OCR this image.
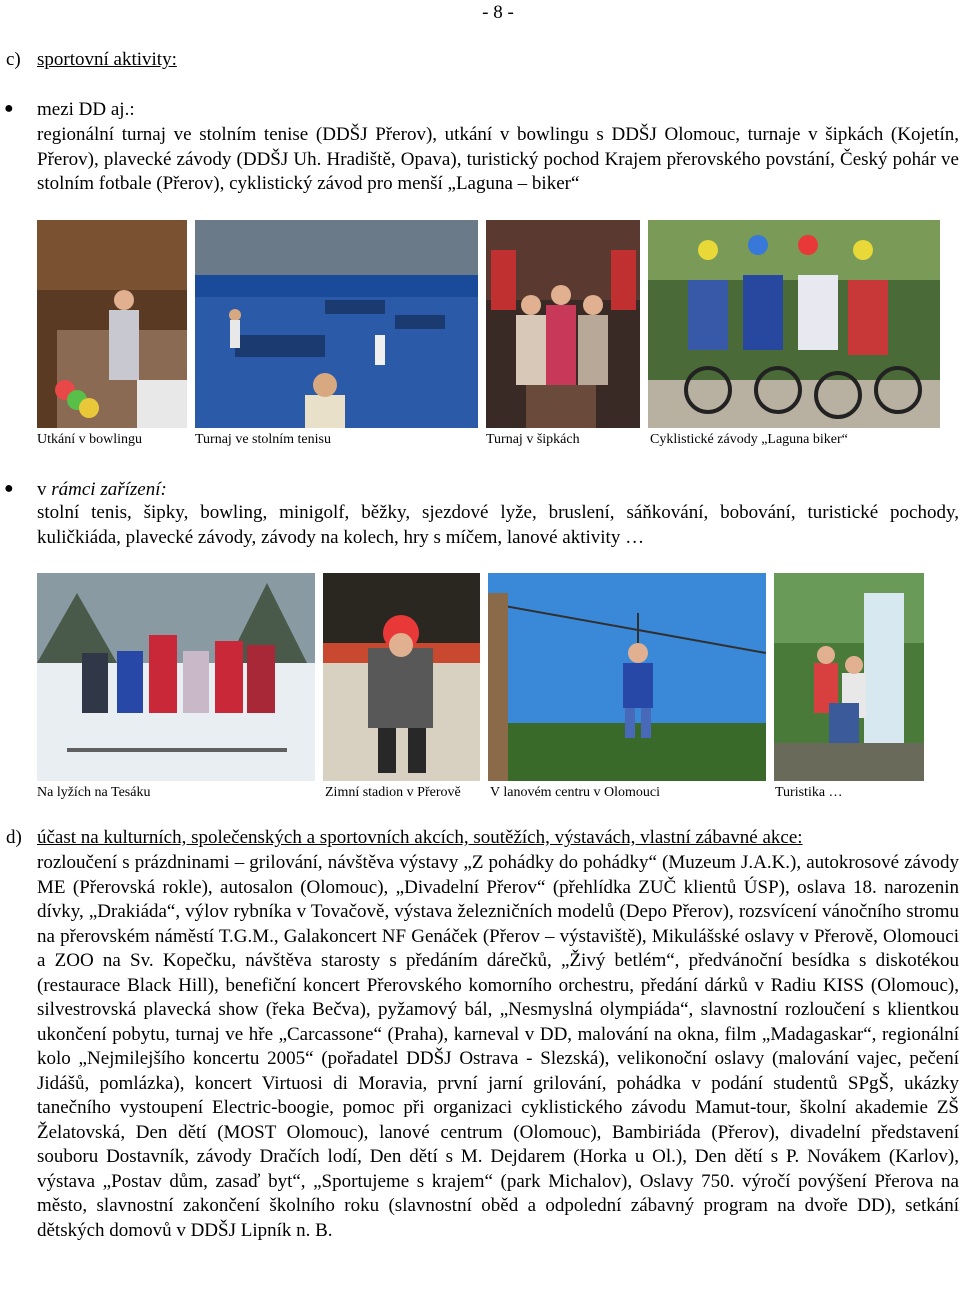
- 8 -
c) sportovní aktivity:
● mezi DD aj.:
regionální turnaj ve stolním tenise (DDŠJ Přerov), utkání v bowlingu s DDŠJ Olomouc, turnaje v šipkách (Kojetín, Přerov), plavecké závody (DDŠJ Uh. Hradiště, Opava), turistický pochod Krajem přerovského povstání, Český pohár ve stolním fotbale (Přerov), cyklistický závod pro menší „Laguna – biker“
Utkání v bowlingu	Turnaj ve stolním tenisu	Turnaj v šipkách	Cyklistické závody „Laguna biker“
● v rámci zařízení:
stolní tenis, šipky, bowling, minigolf, běžky, sjezdové lyže, bruslení, sáňkování, bobování, turistické pochody, kuličkiáda, plavecké závody, závody na kolech, hry s míčem, lanové aktivity …
Na lyžích na Tesáku	Zimní stadion v Přerově V lanovém centru v Olomouci	Turistika …
d) účast na kulturních, společenských a sportovních akcích, soutěžích, výstavách, vlastní zábavné akce:
rozloučení s prázdninami – grilování, návštěva výstavy „Z pohádky do pohádky“ (Muzeum J.A.K.), autokrosové závody ME (Přerovská rokle), autosalon (Olomouc), „Divadelní Přerov“ (přehlídka ZUČ klientů ÚSP), oslava 18. narozenin dívky, „Drakiáda“, výlov rybníka v Tovačově, výstava železničních modelů (Depo Přerov), rozsvícení vánočního stromu na přerovském náměstí T.G.M., Galakoncert NF Genáček (Přerov – výstaviště), Mikulášské oslavy v Přerově, Olomouci a ZOO na Sv. Kopečku, návštěva starosty s předáním dárečků, „Živý betlém“, předvánoční besídka s diskotékou (restaurace Black Hill), benefiční koncert Přerovského komorního orchestru, předání dárků v Radiu KISS (Olomouc), silvestrovská plavecká show (řeka Bečva), pyžamový bál, „Nesmyslná olympiáda“, slavnostní rozloučení s klientkou ukončení pobytu, turnaj ve hře „Carcassone“ (Praha), karneval v DD, malování na okna, film „Madagaskar“, regionální kolo „Nejmilejšího koncertu 2005“ (pořadatel DDŠJ Ostrava - Slezská), velikonoční oslavy (malování vajec, pečení Jidášů, pomlázka), koncert Virtuosi di Moravia, první jarní grilování, pohádka v podání studentů SPgŠ, ukázky tanečního vystoupení Electric-boogie, pomoc při organizaci cyklistického závodu Mamut-tour, školní akademie ZŠ Želatovská, Den dětí (MOST Olomouc), lanové centrum (Olomouc), Bambiriáda (Přerov), divadelní představení souboru Dostavník, závody Dračích lodí, Den dětí s M. Dejdarem (Horka u Ol.), Den dětí s P. Novákem (Karlov), výstava „Postav dům, zasaď byt“, „Sportujeme s krajem“ (park Michalov), Oslavy 750. výročí povýšení Přerova na město, slavnostní zakončení školního roku (slavnostní oběd a odpolední zábavný program na dvoře DD), setkání dětských domovů v DDŠJ Lipník n. B.
